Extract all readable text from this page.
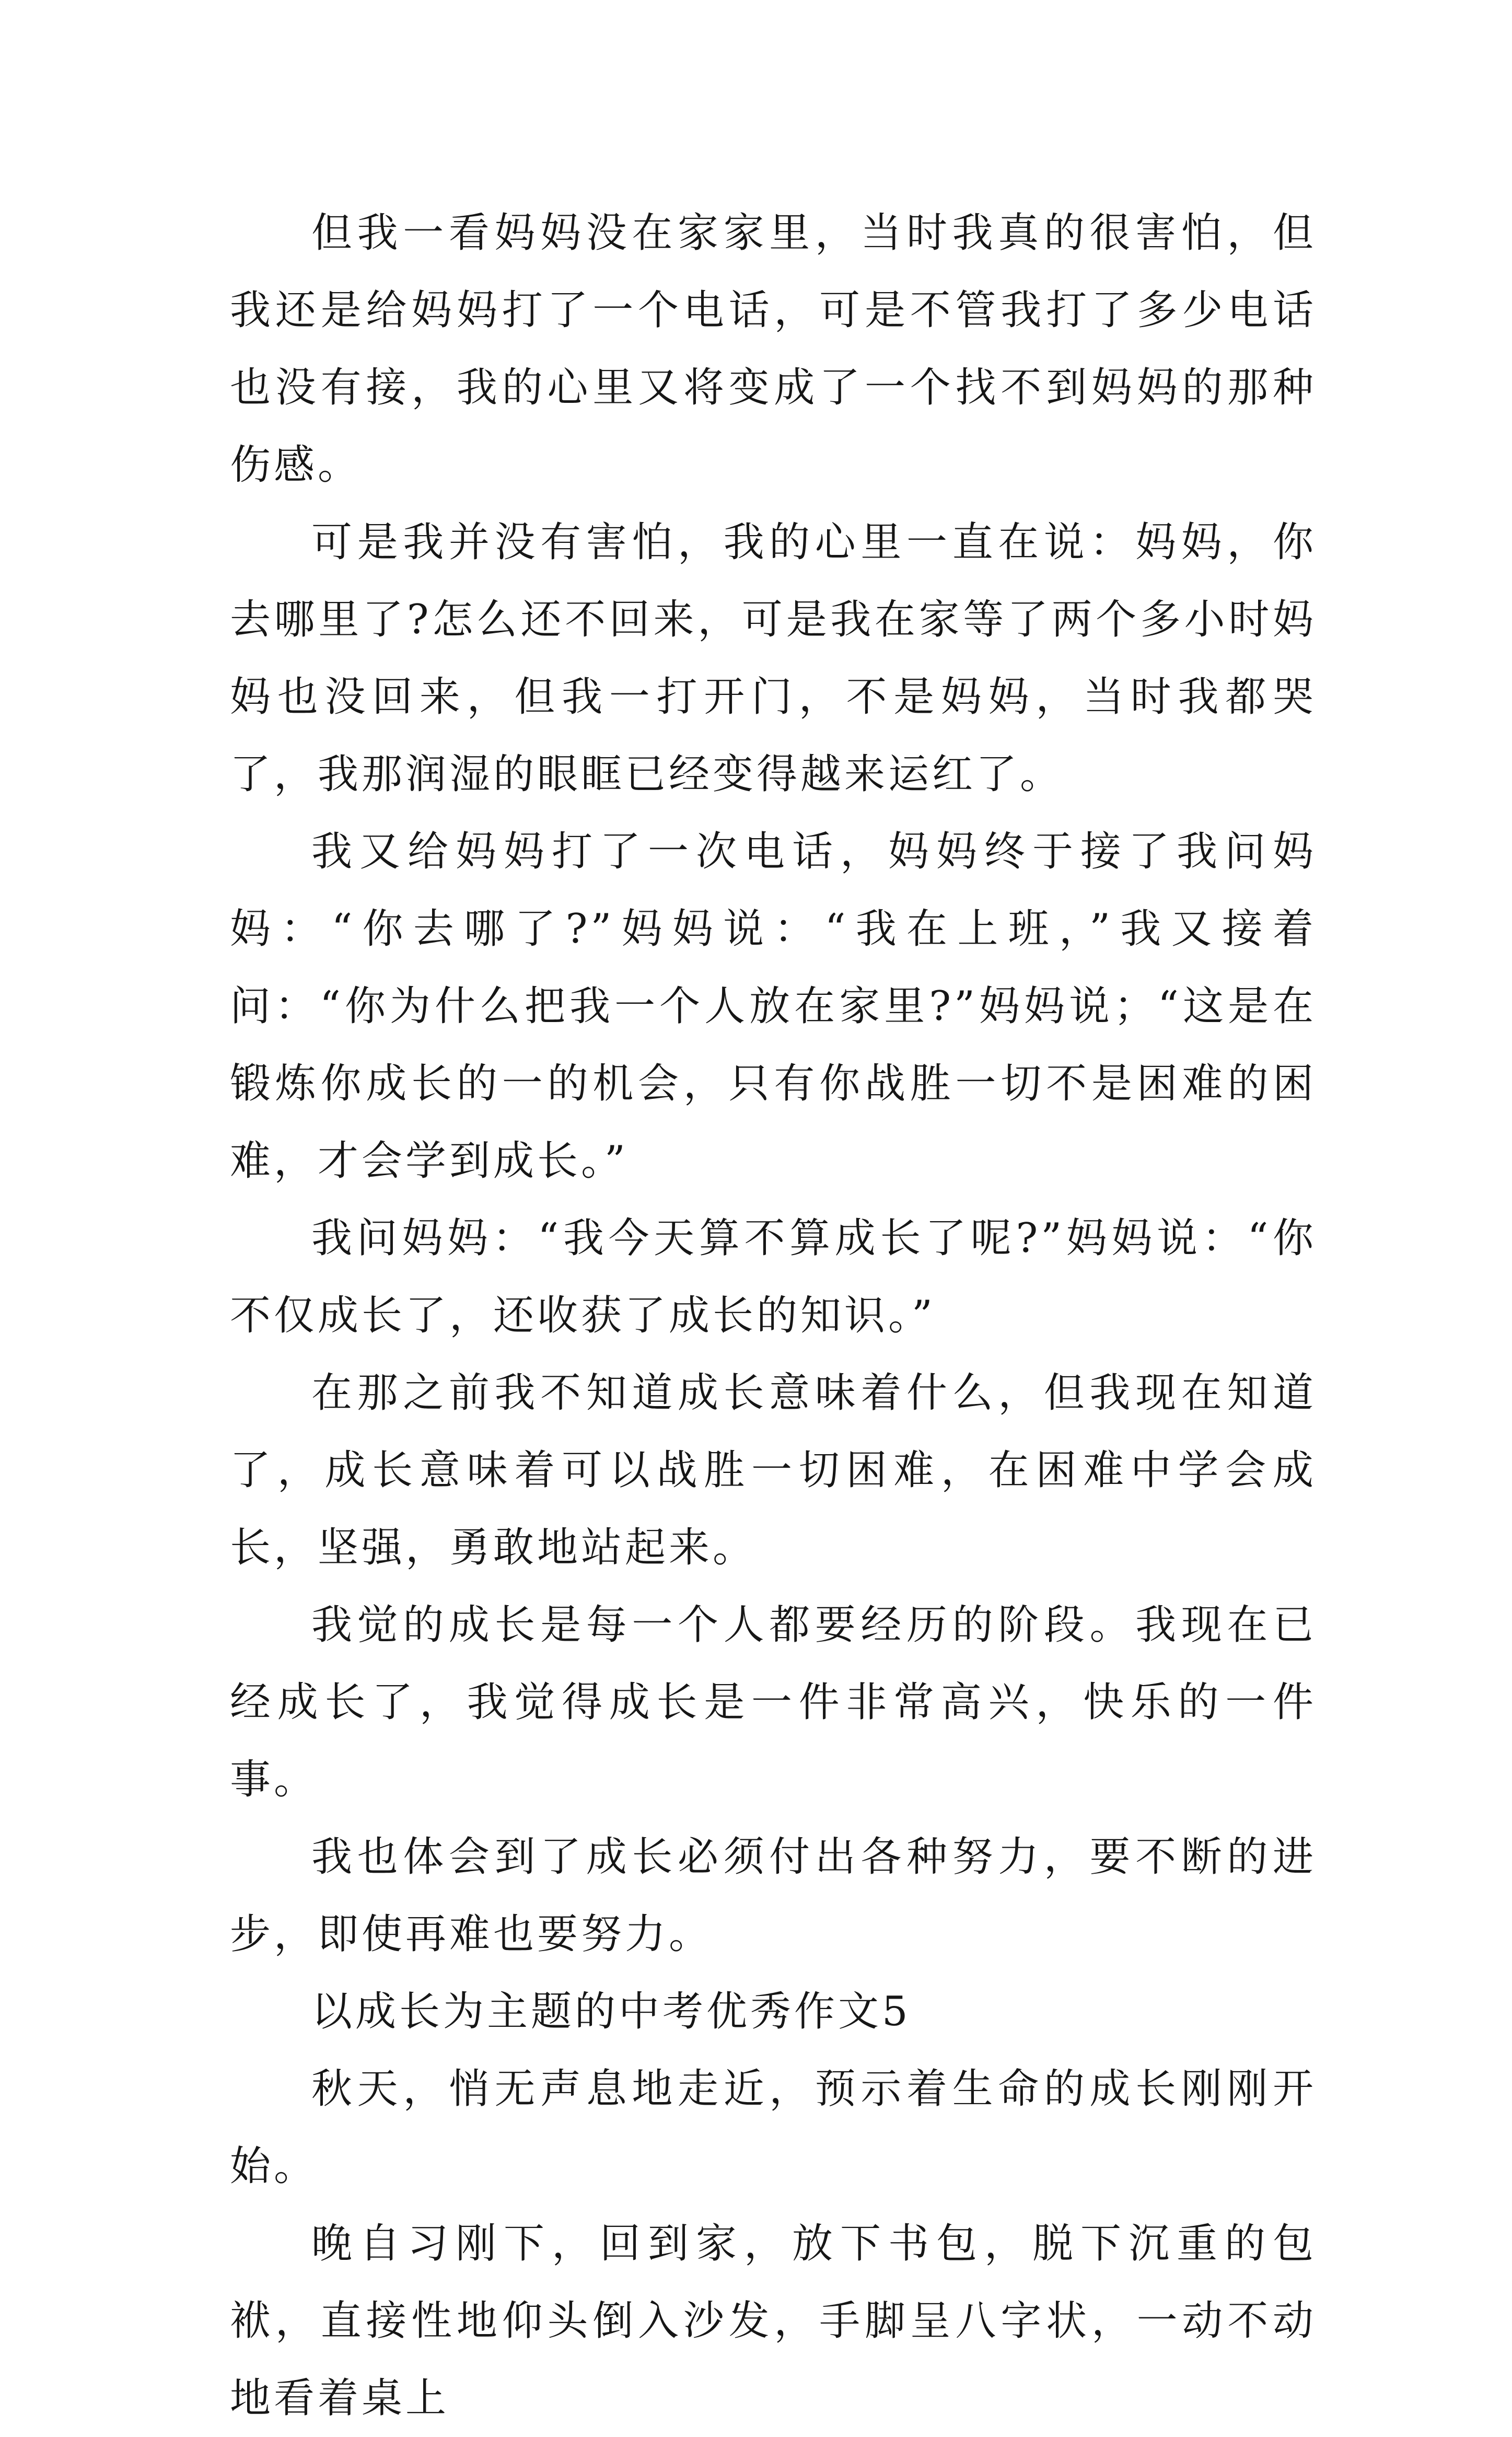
但我一看妈妈没在家家里，当时我真的很害怕，但我还是给妈妈打了一个电话，可是不管我打了多少电话也没有接，我的心里又将变成了一个找不到妈妈的那种伤感。

可是我并没有害怕，我的心里一直在说：妈妈，你去哪里了?怎么还不回来，可是我在家等了两个多小时妈妈也没回来，但我一打开门，不是妈妈，当时我都哭了，我那润湿的眼眶已经变得越来运红了。

我又给妈妈打了一次电话，妈妈终于接了我问妈妈：“你去哪了?”妈妈说：“我在上班，”我又接着问：“你为什么把我一个人放在家里?”妈妈说；“这是在锻炼你成长的一的机会，只有你战胜一切不是困难的困难，才会学到成长。”

我问妈妈：“我今天算不算成长了呢?”妈妈说：“你不仅成长了，还收获了成长的知识。”

在那之前我不知道成长意味着什么，但我现在知道了，成长意味着可以战胜一切困难，在困难中学会成长，坚强，勇敢地站起来。

我觉的成长是每一个人都要经历的阶段。我现在已经成长了，我觉得成长是一件非常高兴，快乐的一件事。

我也体会到了成长必须付出各种努力，要不断的进步，即使再难也要努力。

以成长为主题的中考优秀作文5

秋天，悄无声息地走近，预示着生命的成长刚刚开始。

晚自习刚下，回到家，放下书包，脱下沉重的包袱，直接性地仰头倒入沙发，手脚呈八字状，一动不动地看着桌上
